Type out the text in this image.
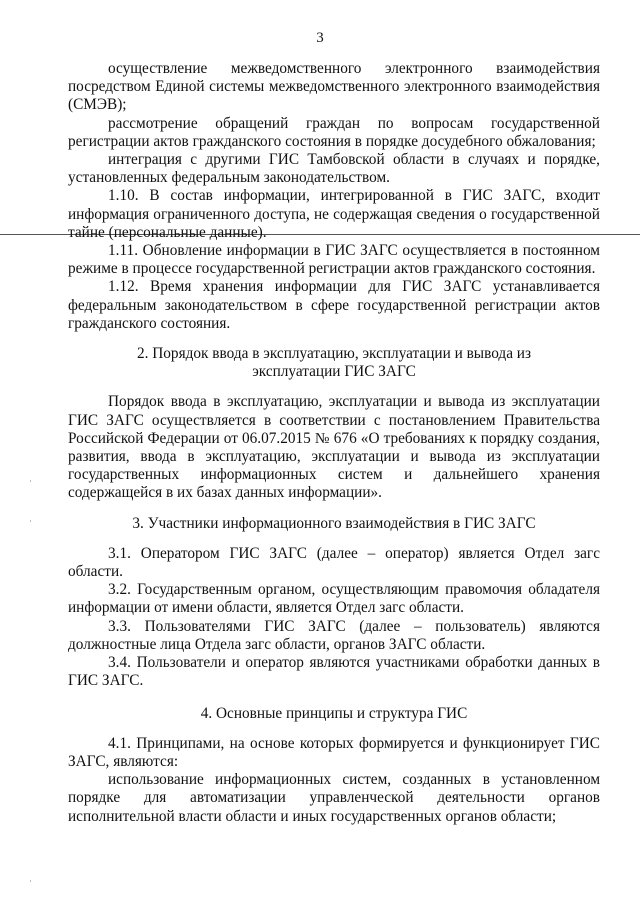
3

осуществление межведомственного электронного взаимодействия посредством Единой системы межведомственного электронного взаимодействия (СМЭВ);

рассмотрение обращений граждан по вопросам государственной регистрации актов гражданского состояния в порядке досудебного обжалования;

интеграция с другими ГИС Тамбовской области в случаях и порядке, установленных федеральным законодательством.

1.10. В состав информации, интегрированной в ГИС ЗАГС, входит информация ограниченного доступа, не содержащая сведения о государственной тайне (персональные данные).

1.11. Обновление информации в ГИС ЗАГС осуществляется в постоянном режиме в процессе государственной регистрации актов гражданского состояния.

1.12. Время хранения информации для ГИС ЗАГС устанавливается федеральным законодательством в сфере государственной регистрации актов гражданского состояния.

2. Порядок ввода в эксплуатацию, эксплуатации и вывода из
эксплуатации ГИС ЗАГС

Порядок ввода в эксплуатацию, эксплуатации и вывода из эксплуатации ГИС ЗАГС осуществляется в соответствии с постановлением Правительства Российской Федерации от 06.07.2015 № 676 «О требованиях к порядку создания, развития, ввода в эксплуатацию, эксплуатации и вывода из эксплуатации государственных информационных систем и дальнейшего хранения содержащейся в их базах данных информации».

3. Участники информационного взаимодействия в ГИС ЗАГС

3.1. Оператором ГИС ЗАГС (далее – оператор) является Отдел загс области.

3.2. Государственным органом, осуществляющим правомочия обладателя информации от имени области, является Отдел загс области.

3.3. Пользователями ГИС ЗАГС (далее – пользователь) являются должностные лица Отдела загс области, органов ЗАГС области.

3.4. Пользователи и оператор являются участниками обработки данных в ГИС ЗАГС.

4. Основные принципы и структура ГИС

4.1. Принципами, на основе которых формируется и функционирует ГИС ЗАГС, являются:

использование информационных систем, созданных в установленном порядке для автоматизации управленческой деятельности органов исполнительной власти области и иных государственных органов области;
